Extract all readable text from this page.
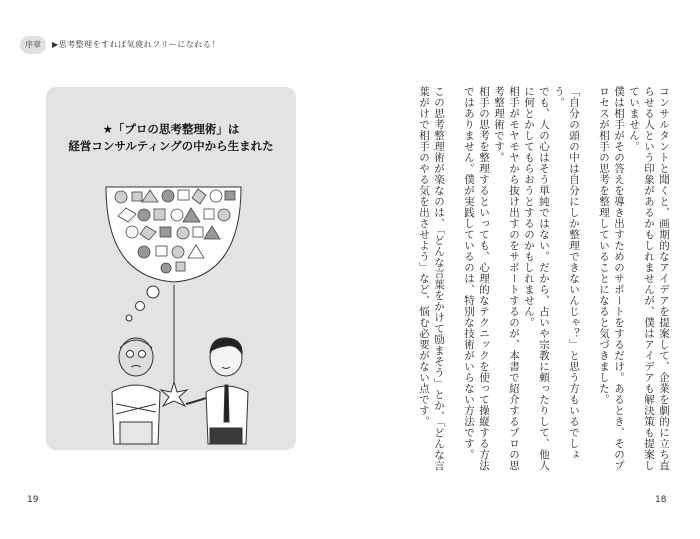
序章	▶思考整理をすれば気疲れフリーになれる！
★「プロの思考整理術」は
経営コンサルティングの中から生まれた
19
コンサルタントと聞くと、画期的なアイデアを提案して、企業を劇的に立ち直らせる人という印象があるかもしれませんが、僕はアイデアも解決策も提案していません。
僕は相手がその答えを導き出すためのサポートをするだけ。あるとき、そのプロセスが相手の思考を整理していることになると気づきました。
「自分の頭の中は自分にしか整理できないんじゃ？」と思う方もいるでしょう。
でも、人の心はそう単純ではない。だから、占いや宗教に頼ったりして、他人に何とかしてもらおうとするのかもしれません。
相手がモヤモヤから抜け出すのをサポートするのが、本書で紹介するプロの思考整理術です。
相手の思考を整理するといっても、心理的なテクニックを使って操縦する方法ではありません。僕が実践しているのは、特別な技術がいらない方法です。
この思考整理術が楽なのは、「どんな言葉をかけて励まそう」とか、「どんな言葉がけで相手のやる気を出させよう」など、悩む必要がない点です。
18
